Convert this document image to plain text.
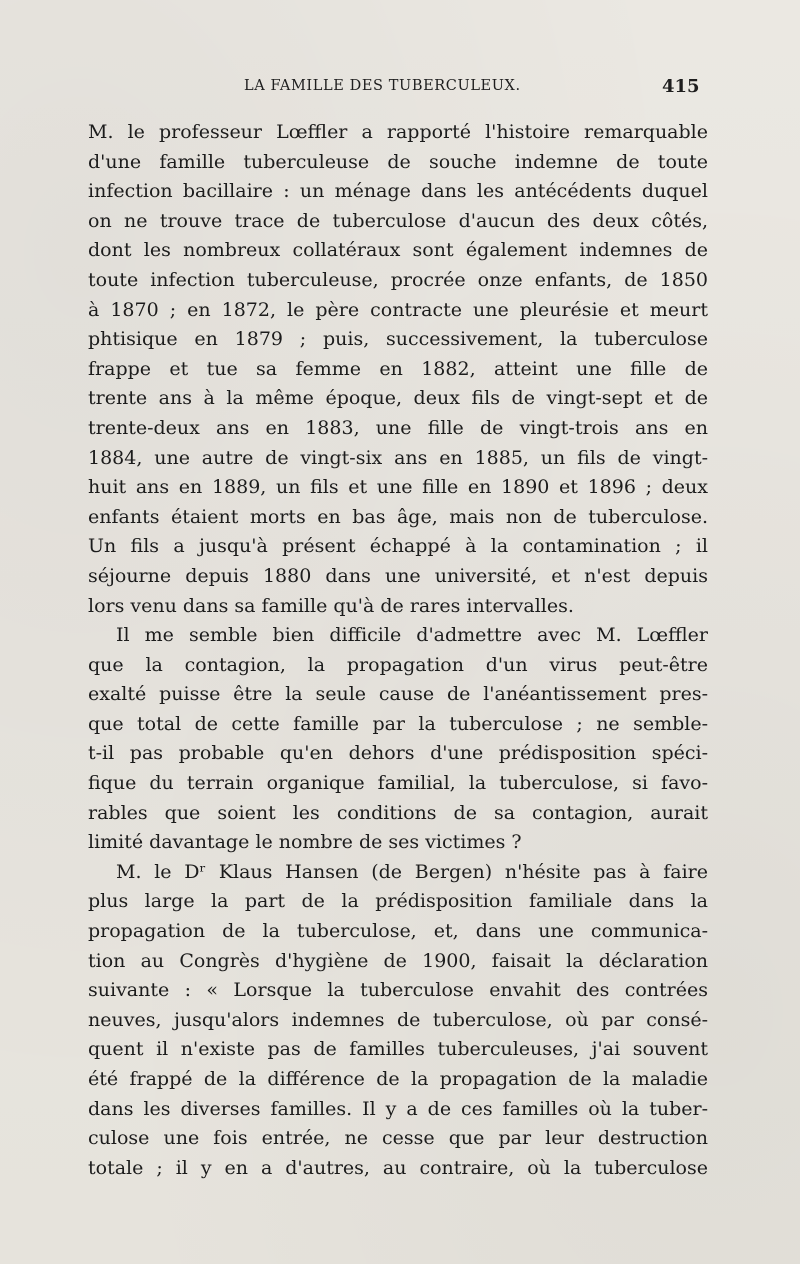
LA FAMILLE DES TUBERCULEUX.	415
M. le professeur Lœffler a rapporté l'histoire remarquable
d'une famille tuberculeuse de souche indemne de toute
infection bacillaire : un ménage dans les antécédents duquel
on ne trouve trace de tuberculose d'aucun des deux côtés,
dont les nombreux collatéraux sont également indemnes de
toute infection tuberculeuse, procrée onze enfants, de 1850
à 1870 ; en 1872, le père contracte une pleurésie et meurt
phtisique en 1879 ; puis, successivement, la tuberculose
frappe et tue sa femme en 1882, atteint une fille de
trente ans à la même époque, deux fils de vingt-sept et de
trente-deux ans en 1883, une fille de vingt-trois ans en
1884, une autre de vingt-six ans en 1885, un fils de vingt-
huit ans en 1889, un fils et une fille en 1890 et 1896 ; deux
enfants étaient morts en bas âge, mais non de tuberculose.
Un fils a jusqu'à présent échappé à la contamination ; il
séjourne depuis 1880 dans une université, et n'est depuis
lors venu dans sa famille qu'à de rares intervalles.
Il me semble bien difficile d'admettre avec M. Lœffler
que la contagion, la propagation d'un virus peut-être
exalté puisse être la seule cause de l'anéantissement pres-
que total de cette famille par la tuberculose ; ne semble-
t-il pas probable qu'en dehors d'une prédisposition spéci-
fique du terrain organique familial, la tuberculose, si favo-
rables que soient les conditions de sa contagion, aurait
limité davantage le nombre de ses victimes ?
M. le Dʳ Klaus Hansen (de Bergen) n'hésite pas à faire
plus large la part de la prédisposition familiale dans la
propagation de la tuberculose, et, dans une communica-
tion au Congrès d'hygiène de 1900, faisait la déclaration
suivante : « Lorsque la tuberculose envahit des contrées
neuves, jusqu'alors indemnes de tuberculose, où par consé-
quent il n'existe pas de familles tuberculeuses, j'ai souvent
été frappé de la différence de la propagation de la maladie
dans les diverses familles. Il y a de ces familles où la tuber-
culose une fois entrée, ne cesse que par leur destruction
totale ; il y en a d'autres, au contraire, où la tuberculose
